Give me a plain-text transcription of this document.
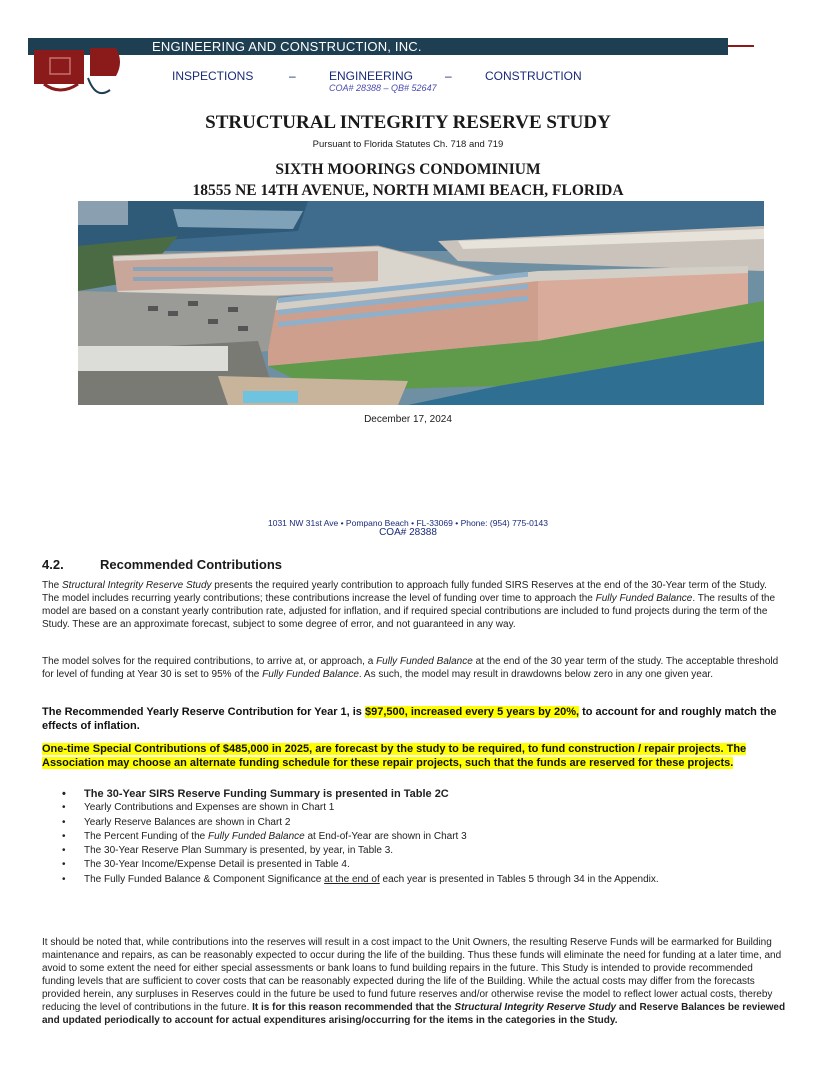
ENGINEERING AND CONSTRUCTION, INC.
INSPECTIONS	–	ENGINEERING	–	CONSTRUCTION
COA# 28388 – QB# 52647
STRUCTURAL INTEGRITY RESERVE STUDY
Pursuant to Florida Statutes Ch. 718 and 719
SIXTH MOORINGS CONDOMINIUM
18555 NE 14TH AVENUE, NORTH MIAMI BEACH, FLORIDA
December 17, 2024
1031 NW 31st Ave • Pompano Beach • FL-33069 • Phone: (954) 775-0143
COA# 28388
4.2.	Recommended Contributions
The Structural Integrity Reserve Study presents the required yearly contribution to approach fully funded SIRS Reserves at the end of the 30-Year term of the Study. The model includes recurring yearly contributions; these contributions increase the level of funding over time to approach the Fully Funded Balance. The results of the model are based on a constant yearly contribution rate, adjusted for inflation, and if required special contributions are included to fund projects during the term of the Study. These are an approximate forecast, subject to some degree of error, and not guaranteed in any way.
The model solves for the required contributions, to arrive at, or approach, a Fully Funded Balance at the end of the 30 year term of the study. The acceptable threshold for level of funding at Year 30 is set to 95% of the Fully Funded Balance. As such, the model may result in drawdowns below zero in any one given year.
The Recommended Yearly Reserve Contribution for Year 1, is $97,500, increased every 5 years by 20%, to account for and roughly match the effects of inflation.
One-time Special Contributions of $485,000 in 2025, are forecast by the study to be required, to fund construction / repair projects. The Association may choose an alternate funding schedule for these repair projects, such that the funds are reserved for these projects.
• The 30-Year SIRS Reserve Funding Summary is presented in Table 2C
• Yearly Contributions and Expenses are shown in Chart 1
• Yearly Reserve Balances are shown in Chart 2
• The Percent Funding of the Fully Funded Balance at End-of-Year are shown in Chart 3
• The 30-Year Reserve Plan Summary is presented, by year, in Table 3.
• The 30-Year Income/Expense Detail is presented in Table 4.
• The Fully Funded Balance & Component Significance at the end of each year is presented in Tables 5 through 34 in the Appendix.
It should be noted that, while contributions into the reserves will result in a cost impact to the Unit Owners, the resulting Reserve Funds will be earmarked for Building maintenance and repairs, as can be reasonably expected to occur during the life of the building. Thus these funds will eliminate the need for funding at a later time, and avoid to some extent the need for either special assessments or bank loans to fund building repairs in the future. This Study is intended to provide recommended funding levels that are sufficient to cover costs that can be reasonably expected during the life of the Building. While the actual costs may differ from the forecasts provided herein, any surpluses in Reserves could in the future be used to fund future reserves and/or otherwise revise the model to reflect lower actual costs, thereby reducing the level of contributions in the future. It is for this reason recommended that the Structural Integrity Reserve Study and Reserve Balances be reviewed and updated periodically to account for actual expenditures arising/occurring for the items in the categories in the Study.
